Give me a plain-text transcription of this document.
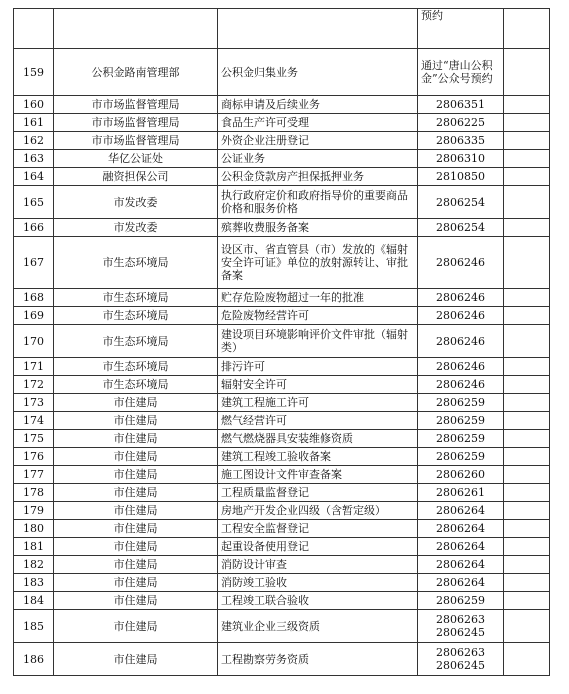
			预约	
159	公积金路南管理部	公积金归集业务	通过“唐山公积金”公众号预约	

160	市市场监督管理局	商标申请及后续业务	2806351	

161	市市场监督管理局	食品生产许可受理	2806225	

162	市市场监督管理局	外资企业注册登记	2806335	

163	华亿公证处	公证业务	2806310	

164	融资担保公司	公积金贷款房产担保抵押业务	2810850	

165	市发改委	执行政府定价和政府指导价的重要商品价格和服务价格	2806254	

166	市发改委	殡葬收费服务备案	2806254	

167	市生态环境局	设区市、省直管县（市）发放的《辐射安全许可证》单位的放射源转让、审批备案	2806246	

168	市生态环境局	贮存危险废物超过一年的批准	2806246	

169	市生态环境局	危险废物经营许可	2806246	

170	市生态环境局	建设项目环境影响评价文件审批（辐射类）	2806246	

171	市生态环境局	排污许可	2806246	

172	市生态环境局	辐射安全许可	2806246	

173	市住建局	建筑工程施工许可	2806259	

174	市住建局	燃气经营许可	2806259	

175	市住建局	燃气燃烧器具安装维修资质	2806259	

176	市住建局	建筑工程竣工验收备案	2806259	

177	市住建局	施工图设计文件审查备案	2806260	

178	市住建局	工程质量监督登记	2806261	

179	市住建局	房地产开发企业四级（含暂定级）	2806264	

180	市住建局	工程安全监督登记	2806264	

181	市住建局	起重设备使用登记	2806264	

182	市住建局	消防设计审查	2806264	

183	市住建局	消防竣工验收	2806264	

184	市住建局	工程竣工联合验收	2806259	

185	市住建局	建筑业企业三级资质	2806263
2806245	

186	市住建局	工程勘察劳务资质	2806263
2806245	
